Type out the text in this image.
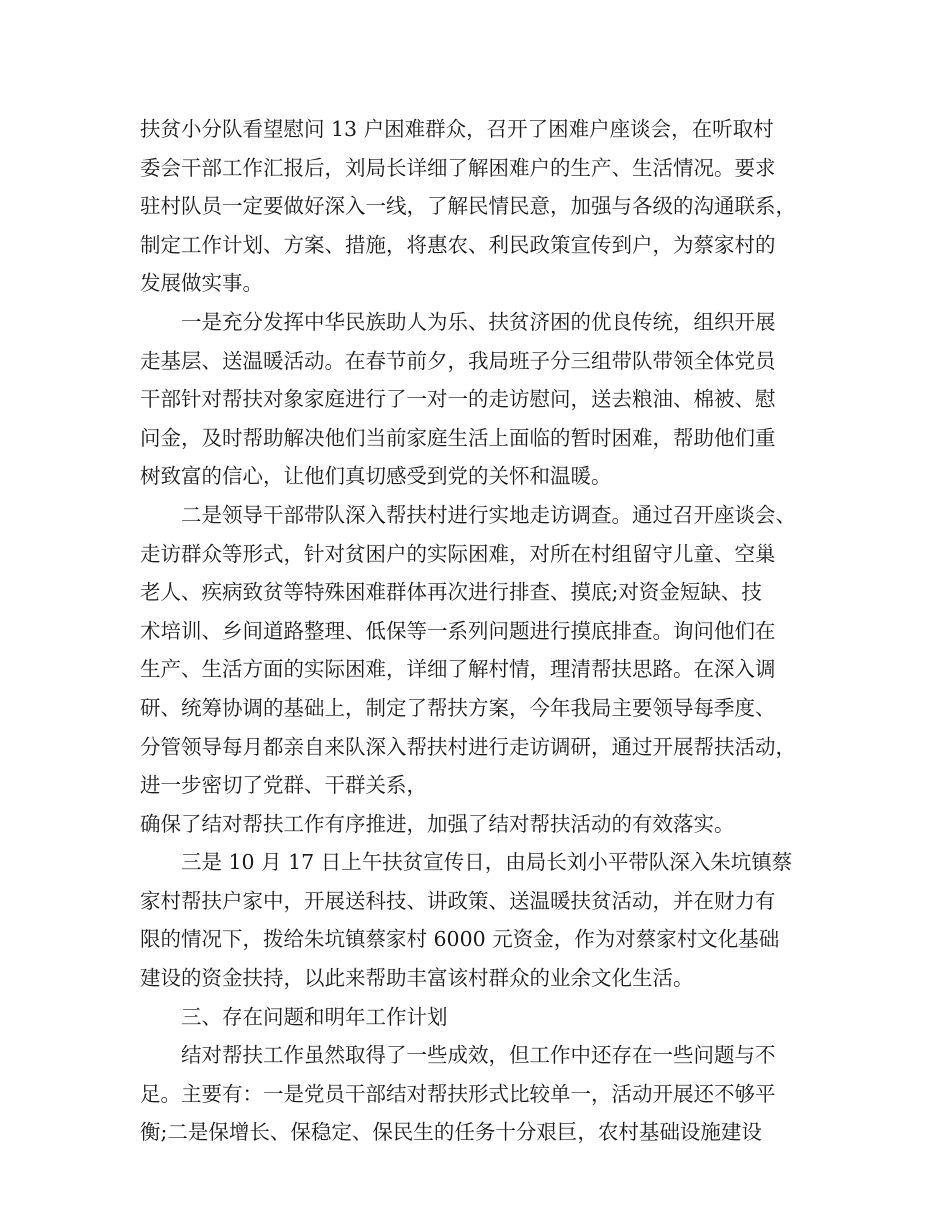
扶贫小分队看望慰问 13 户困难群众，召开了困难户座谈会，在听取村

委会干部工作汇报后，刘局长详细了解困难户的生产、生活情况。要求

驻村队员一定要做好深入一线，了解民情民意，加强与各级的沟通联系，

制定工作计划、方案、措施，将惠农、利民政策宣传到户，为蔡家村的

发展做实事。

一是充分发挥中华民族助人为乐、扶贫济困的优良传统，组织开展

走基层、送温暖活动。在春节前夕，我局班子分三组带队带领全体党员

干部针对帮扶对象家庭进行了一对一的走访慰问，送去粮油、棉被、慰

问金，及时帮助解决他们当前家庭生活上面临的暂时困难，帮助他们重

树致富的信心，让他们真切感受到党的关怀和温暖。

二是领导干部带队深入帮扶村进行实地走访调查。通过召开座谈会、

走访群众等形式，针对贫困户的实际困难，对所在村组留守儿童、空巢

老人、疾病致贫等特殊困难群体再次进行排查、摸底;对资金短缺、技

术培训、乡间道路整理、低保等一系列问题进行摸底排查。询问他们在

生产、生活方面的实际困难，详细了解村情，理清帮扶思路。在深入调

研、统筹协调的基础上，制定了帮扶方案，今年我局主要领导每季度、

分管领导每月都亲自来队深入帮扶村进行走访调研，通过开展帮扶活动，

进一步密切了党群、干群关系，

确保了结对帮扶工作有序推进，加强了结对帮扶活动的有效落实。

三是 10 月 17 日上午扶贫宣传日，由局长刘小平带队深入朱坑镇蔡

家村帮扶户家中，开展送科技、讲政策、送温暖扶贫活动，并在财力有

限的情况下，拨给朱坑镇蔡家村 6000 元资金，作为对蔡家村文化基础

建设的资金扶持，以此来帮助丰富该村群众的业余文化生活。

三、存在问题和明年工作计划

结对帮扶工作虽然取得了一些成效，但工作中还存在一些问题与不

足。主要有：一是党员干部结对帮扶形式比较单一，活动开展还不够平

衡;二是保增长、保稳定、保民生的任务十分艰巨，农村基础设施建设
